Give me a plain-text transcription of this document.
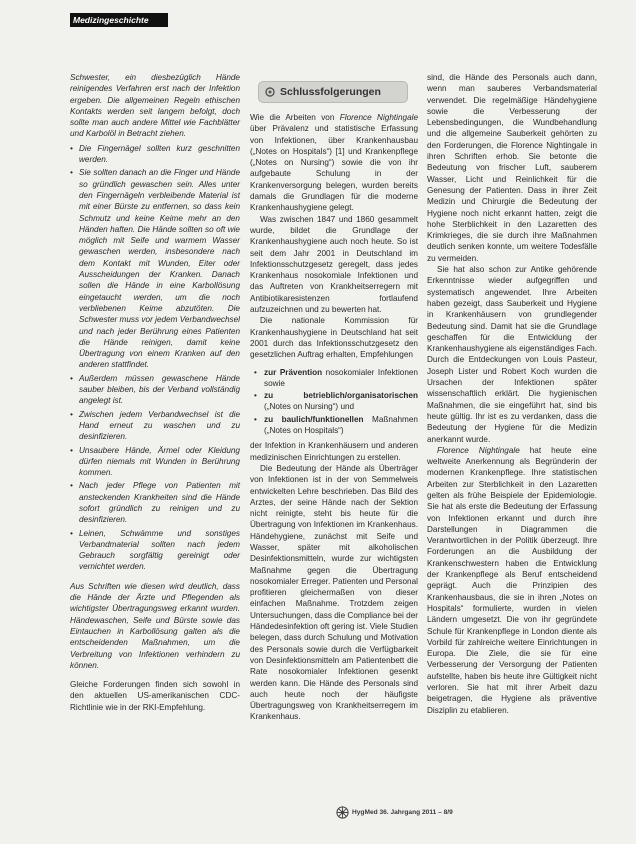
Medizingeschichte

Schwester, ein diesbezüglich Hände reinigendes Verfahren erst nach der Infektion ergeben. Die allgemeinen Regeln ethischen Kontakts werden seit langem befolgt, doch sollte man auch andere Mittel wie Fachblätter und Karbolöl in Betracht ziehen.

• Die Fingernägel sollten kurz geschnitten werden.
• Sie sollten danach an die Finger und Hände so gründlich gewaschen sein. Alles unter den Fingernägeln verbleibende Material ist mit einer Bürste zu entfernen, so dass kein Schmutz und keine Keime mehr an den Händen haften. Die Hände sollten so oft wie möglich mit Seife und warmem Wasser gewaschen werden, insbesondere nach dem Kontakt mit Wunden, Eiter oder Ausscheidungen der Kranken. Danach sollen die Hände in eine Karbollösung eingetaucht werden, um die noch verbliebenen Keime abzutöten. Die Schwester muss vor jedem Verbandwechsel und nach jeder Berührung eines Patienten die Hände reinigen, damit keine Übertragung von einem Kranken auf den anderen stattfindet.
• Außerdem müssen gewaschene Hände sauber bleiben, bis der Verband vollständig angelegt ist.
• Zwischen jedem Verbandwechsel ist die Hand erneut zu waschen und zu desinfizieren.
• Unsaubere Hände, Ärmel oder Kleidung dürfen niemals mit Wunden in Berührung kommen.
• Nach jeder Pflege von Patienten mit ansteckenden Krankheiten sind die Hände sofort gründlich zu reinigen und zu desinfizieren.
• Leinen, Schwämme und sonstiges Verbandmaterial sollten nach jedem Gebrauch sorgfältig gereinigt oder vernichtet werden.

Aus Schriften wie diesen wird deutlich, dass die Hände der Ärzte und Pflegenden als wichtigster Übertragungsweg erkannt wurden. Händewaschen, Seife und Bürste sowie das Eintauchen in Karbollösung galten als die entscheidenden Maßnahmen, um die Verbreitung von Infektionen verhindern zu können.

Gleiche Forderungen finden sich sowohl in den aktuellen US-amerikanischen CDC-Richtlinie wie in der RKI-Empfehlung.

Schlussfolgerungen

Wie die Arbeiten von Florence Nightingale über Prävalenz und statistische Erfassung von Infektionen, über Krankenhausbau („Notes on Hospitals“) [1] und Krankenpflege („Notes on Nursing“) sowie die von ihr aufgebaute Schulung in der Krankenversorgung belegen, wurden bereits damals die Grundlagen für die moderne Krankenhaushygiene gelegt.

Was zwischen 1847 und 1860 gesammelt wurde, bildet die Grundlage der Krankenhaushygiene auch noch heute. So ist seit dem Jahr 2001 in Deutschland im Infektionsschutzgesetz geregelt, dass jedes Krankenhaus nosokomiale Infektionen und das Auftreten von Krankheitserregern mit Antibiotikaresistenzen fortlaufend aufzuzeichnen und zu bewerten hat.

Die nationale Kommission für Krankenhaushygiene in Deutschland hat seit 2001 durch das Infektionsschutzgesetz den gesetzlichen Auftrag erhalten, Empfehlungen

• zur Prävention nosokomialer Infektionen sowie
• zu betrieblich/organisatorischen („Notes on Nursing“) und
• zu baulich/funktionellen Maßnahmen („Notes on Hospitals“)

der Infektion in Krankenhäusern und anderen medizinischen Einrichtungen zu erstellen.

Die Bedeutung der Hände als Überträger von Infektionen ist in der von Semmelweis entwickelten Lehre beschrieben. Das Bild des Arztes, der seine Hände nach der Sektion nicht reinigte, steht bis heute für die Übertragung von Infektionen im Krankenhaus. Händehygiene, zunächst mit Seife und Wasser, später mit alkoholischen Desinfektionsmitteln, wurde zur wichtigsten Maßnahme gegen die Übertragung nosokomialer Erreger. Patienten und Personal profitieren gleichermaßen von dieser einfachen Maßnahme. Trotzdem zeigen Untersuchungen, dass die Compliance bei der Händedesinfektion oft gering ist. Viele Studien belegen, dass durch Schulung und Motivation des Personals sowie durch die Verfügbarkeit von Desinfektionsmitteln am Patientenbett die Rate nosokomialer Infektionen gesenkt werden kann. Die Hände des Personals sind auch heute noch der häufigste Übertragungsweg von Krankheitserregern im Krankenhaus.

sind, die Hände des Personals auch dann, wenn man sauberes Verbandsmaterial verwendet. Die regelmäßige Händehygiene sowie die Verbesserung der Lebensbedingungen, die Wundbehandlung und die allgemeine Sauberkeit gehörten zu den Forderungen, die Florence Nightingale in ihren Schriften erhob. Sie betonte die Bedeutung von frischer Luft, sauberem Wasser, Licht und Reinlichkeit für die Genesung der Patienten. Dass in ihrer Zeit Medizin und Chirurgie die Bedeutung der Hygiene noch nicht erkannt hatten, zeigt die hohe Sterblichkeit in den Lazaretten des Krimkrieges, die sie durch ihre Maßnahmen deutlich senken konnte, um weitere Todesfälle zu vermeiden.

Sie hat also schon zur Antike gehörende Erkenntnisse wieder aufgegriffen und systematisch angewendet. Ihre Arbeiten haben gezeigt, dass Sauberkeit und Hygiene in Krankenhäusern von grundlegender Bedeutung sind. Damit hat sie die Grundlage geschaffen für die Entwicklung der Krankenhaushygiene als eigenständiges Fach. Durch die Entdeckungen von Louis Pasteur, Joseph Lister und Robert Koch wurden die Ursachen der Infektionen später wissenschaftlich erklärt. Die hygienischen Maßnahmen, die sie eingeführt hat, sind bis heute gültig. Ihr ist es zu verdanken, dass die Bedeutung der Hygiene für die Medizin anerkannt wurde.

Florence Nightingale hat heute eine weltweite Anerkennung als Begründerin der modernen Krankenpflege. Ihre statistischen Arbeiten zur Sterblichkeit in den Lazaretten gelten als frühe Beispiele der Epidemiologie. Sie hat als erste die Bedeutung der Erfassung von Infektionen erkannt und durch ihre Darstellungen in Diagrammen die Verantwortlichen in der Politik überzeugt. Ihre Forderungen an die Ausbildung der Krankenschwestern haben die Entwicklung der Krankenpflege als Beruf entscheidend geprägt. Auch die Prinzipien des Krankenhausbaus, die sie in ihren „Notes on Hospitals“ formulierte, wurden in vielen Ländern umgesetzt. Die von ihr gegründete Schule für Krankenpflege in London diente als Vorbild für zahlreiche weitere Einrichtungen in Europa. Die Ziele, die sie für eine Verbesserung der Versorgung der Patienten aufstellte, haben bis heute ihre Gültigkeit nicht verloren. Sie hat mit ihrer Arbeit dazu beigetragen, die Hygiene als präventive Disziplin zu etablieren.

HygMed 36. Jahrgang 2011 – 8/9
